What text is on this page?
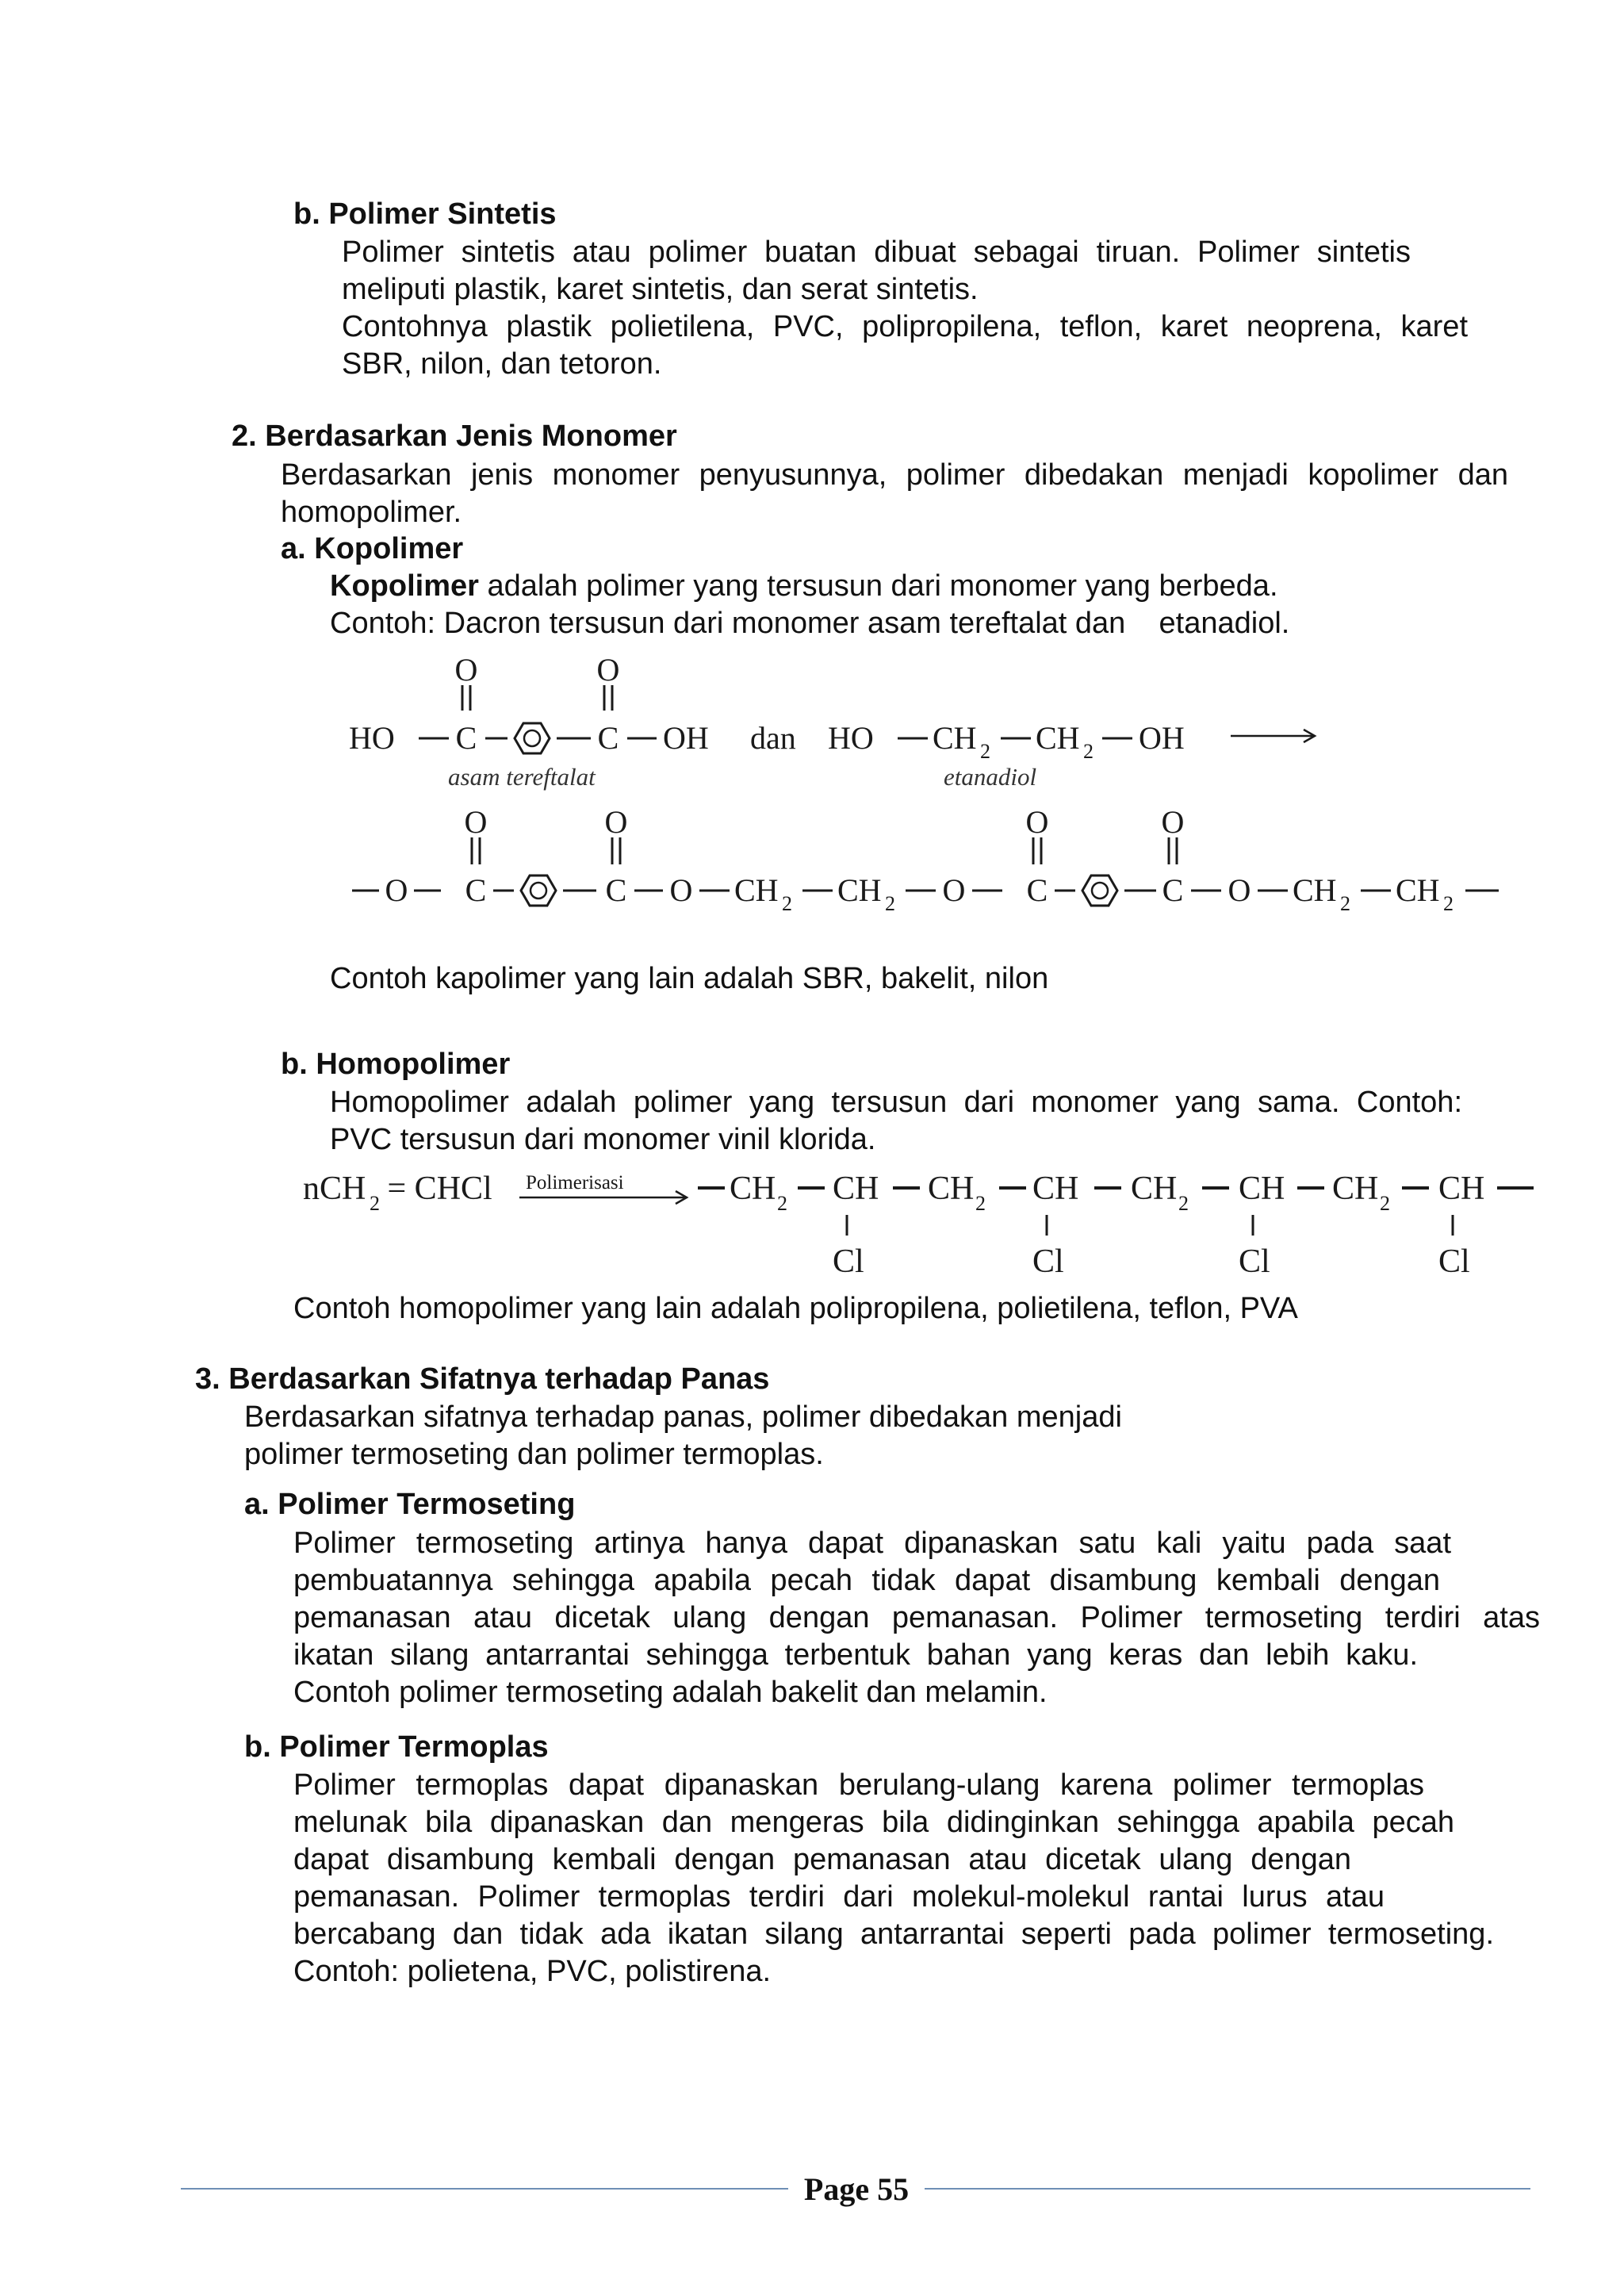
b. Polimer Sintetis
Polimer sintetis atau polimer buatan dibuat sebagai tiruan. Polimer sintetis
meliputi plastik, karet sintetis, dan serat sintetis.
Contohnya plastik polietilena, PVC, polipropilena, teflon, karet neoprena, karet
SBR, nilon, dan tetoron.
2. Berdasarkan Jenis Monomer
Berdasarkan jenis monomer penyusunnya, polimer dibedakan menjadi kopolimer dan
homopolimer.
a. Kopolimer
Kopolimer adalah polimer yang tersusun dari monomer yang berbeda.
Contoh: Dacron tersusun dari monomer asam tereftalat dan    etanadiol.
O	O
HO C	C OH dan HO CH 2 CH 2 OH
asam tereftalat	etanadiol
O	O	O	O
O C	C O CH 2 CH 2 O C	C O CH 2 CH 2
Contoh kapolimer yang lain adalah SBR, bakelit, nilon
b. Homopolimer
Homopolimer adalah polimer yang tersusun dari monomer yang sama. Contoh:
PVC tersusun dari monomer vinil klorida.
nCH 2 = CHCl Polimerisasi	CH 2 CH CH 2 CH CH 2 CH CH 2 CH
Cl	Cl	Cl	Cl
Contoh homopolimer yang lain adalah polipropilena, polietilena, teflon, PVA
3. Berdasarkan Sifatnya terhadap Panas
Berdasarkan sifatnya terhadap panas, polimer dibedakan menjadi
polimer termoseting dan polimer termoplas.
a. Polimer Termoseting
Polimer termoseting artinya hanya dapat dipanaskan satu kali yaitu pada saat
pembuatannya sehingga apabila pecah tidak dapat disambung kembali dengan
pemanasan atau dicetak ulang dengan pemanasan. Polimer termoseting terdiri atas
ikatan silang antarrantai sehingga terbentuk bahan yang keras dan lebih kaku.
Contoh polimer termoseting adalah bakelit dan melamin.
b. Polimer Termoplas
Polimer termoplas dapat dipanaskan berulang-ulang karena polimer termoplas
melunak bila dipanaskan dan mengeras bila didinginkan sehingga apabila pecah
dapat disambung kembali dengan pemanasan atau dicetak ulang dengan
pemanasan. Polimer termoplas terdiri dari molekul-molekul rantai lurus atau
bercabang dan tidak ada ikatan silang antarrantai seperti pada polimer termoseting.
Contoh: polietena, PVC, polistirena.
Page 55
